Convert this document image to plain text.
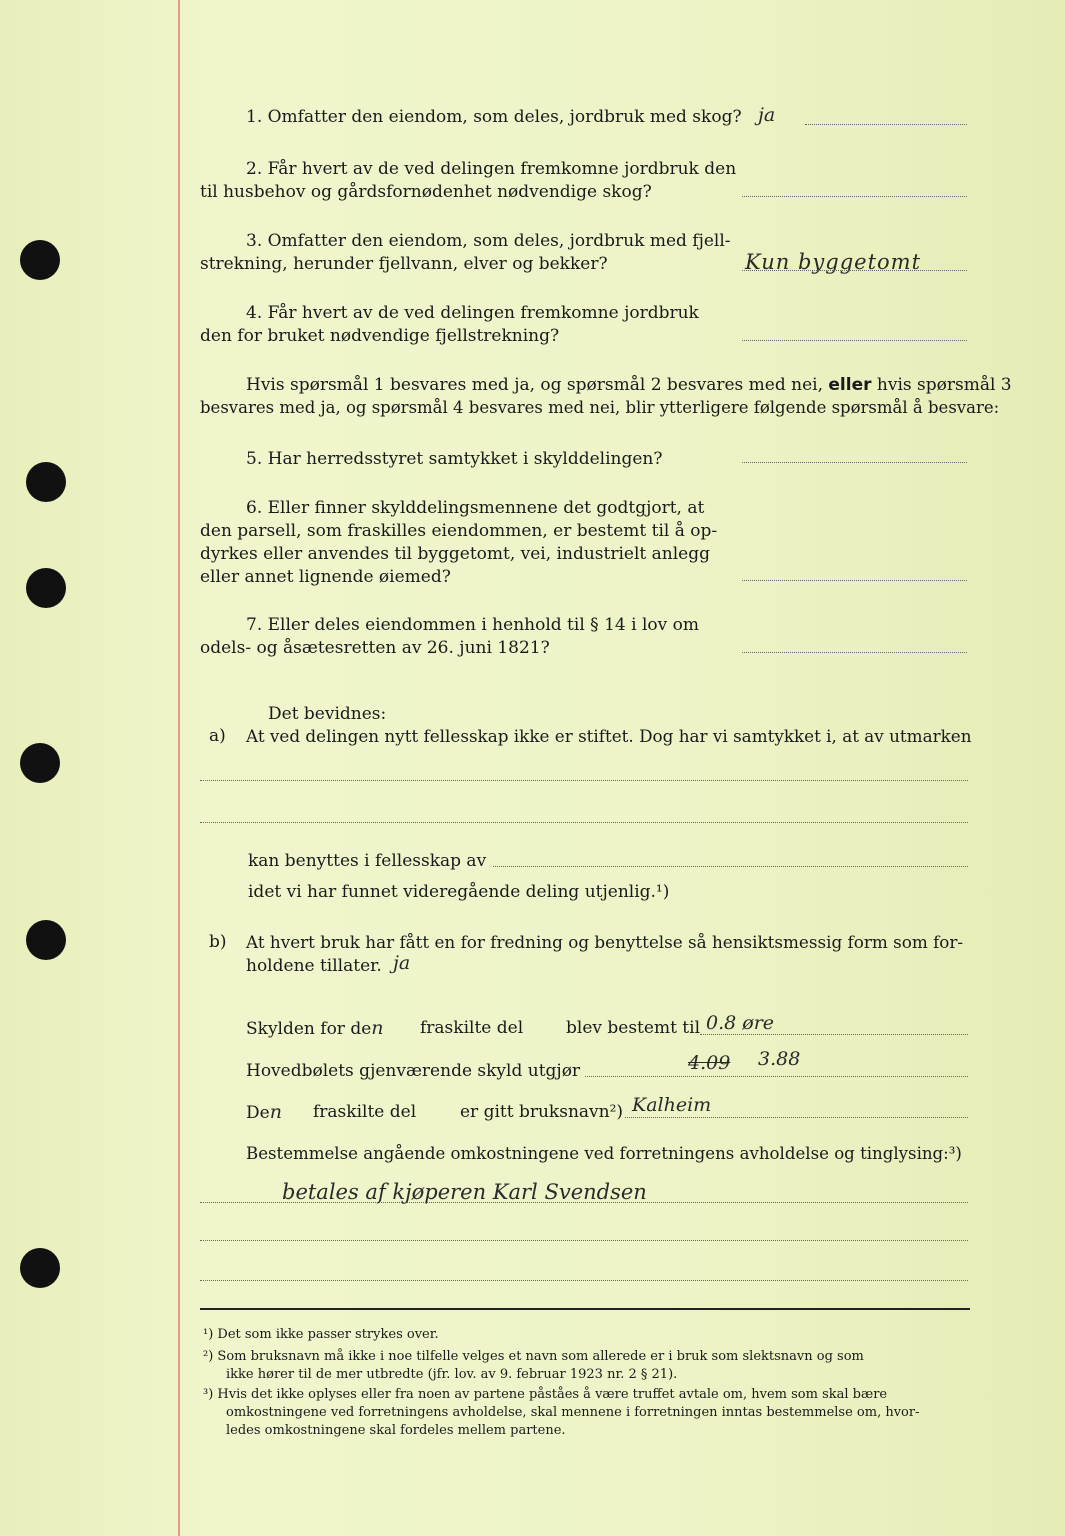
1. Omfatter den eiendom, som deles, jordbruk med skog? ja
2. Får hvert av de ved delingen fremkomne jordbruk den
til husbehov og gårdsfornødenhet nødvendige skog?
3. Omfatter den eiendom, som deles, jordbruk med fjell-
strekning, herunder fjellvann, elver og bekker?	Kun byggetomt
4. Får hvert av de ved delingen fremkomne jordbruk
den for bruket nødvendige fjellstrekning?
Hvis spørsmål 1 besvares med ja, og spørsmål 2 besvares med nei, eller hvis spørsmål 3
besvares med ja, og spørsmål 4 besvares med nei, blir ytterligere følgende spørsmål å besvare:
5. Har herredsstyret samtykket i skylddelingen?
6. Eller finner skylddelingsmennene det godtgjort, at
den parsell, som fraskilles eiendommen, er bestemt til å op-
dyrkes eller anvendes til byggetomt, vei, industrielt anlegg
eller annet lignende øiemed?
7. Eller deles eiendommen i henhold til § 14 i lov om
odels- og åsætesretten av 26. juni 1821?
Det bevidnes:
a) At ved delingen nytt fellesskap ikke er stiftet. Dog har vi samtykket i, at av utmarken
kan benyttes i fellesskap av
idet vi har funnet videregående deling utjenlig.¹)
b) At hvert bruk har fått en for fredning og benyttelse så hensiktsmessig form som for-
holdene tillater. ja
Skylden for den fraskilte del	blev bestemt til 0.8 øre
Hovedbølets gjenværende skyld utgjør	4.09 3.88
Den fraskilte del	er gitt bruksnavn²) Kalheim
Bestemmelse angående omkostningene ved forretningens avholdelse og tinglysing:³)
betales af kjøperen Karl Svendsen
¹) Det som ikke passer strykes over.
²) Som bruksnavn må ikke i noe tilfelle velges et navn som allerede er i bruk som slektsnavn og som
ikke hører til de mer utbredte (jfr. lov. av 9. februar 1923 nr. 2 § 21).
³) Hvis det ikke oplyses eller fra noen av partene påståes å være truffet avtale om, hvem som skal bære
omkostningene ved forretningens avholdelse, skal mennene i forretningen inntas bestemmelse om, hvor-
ledes omkostningene skal fordeles mellem partene.
